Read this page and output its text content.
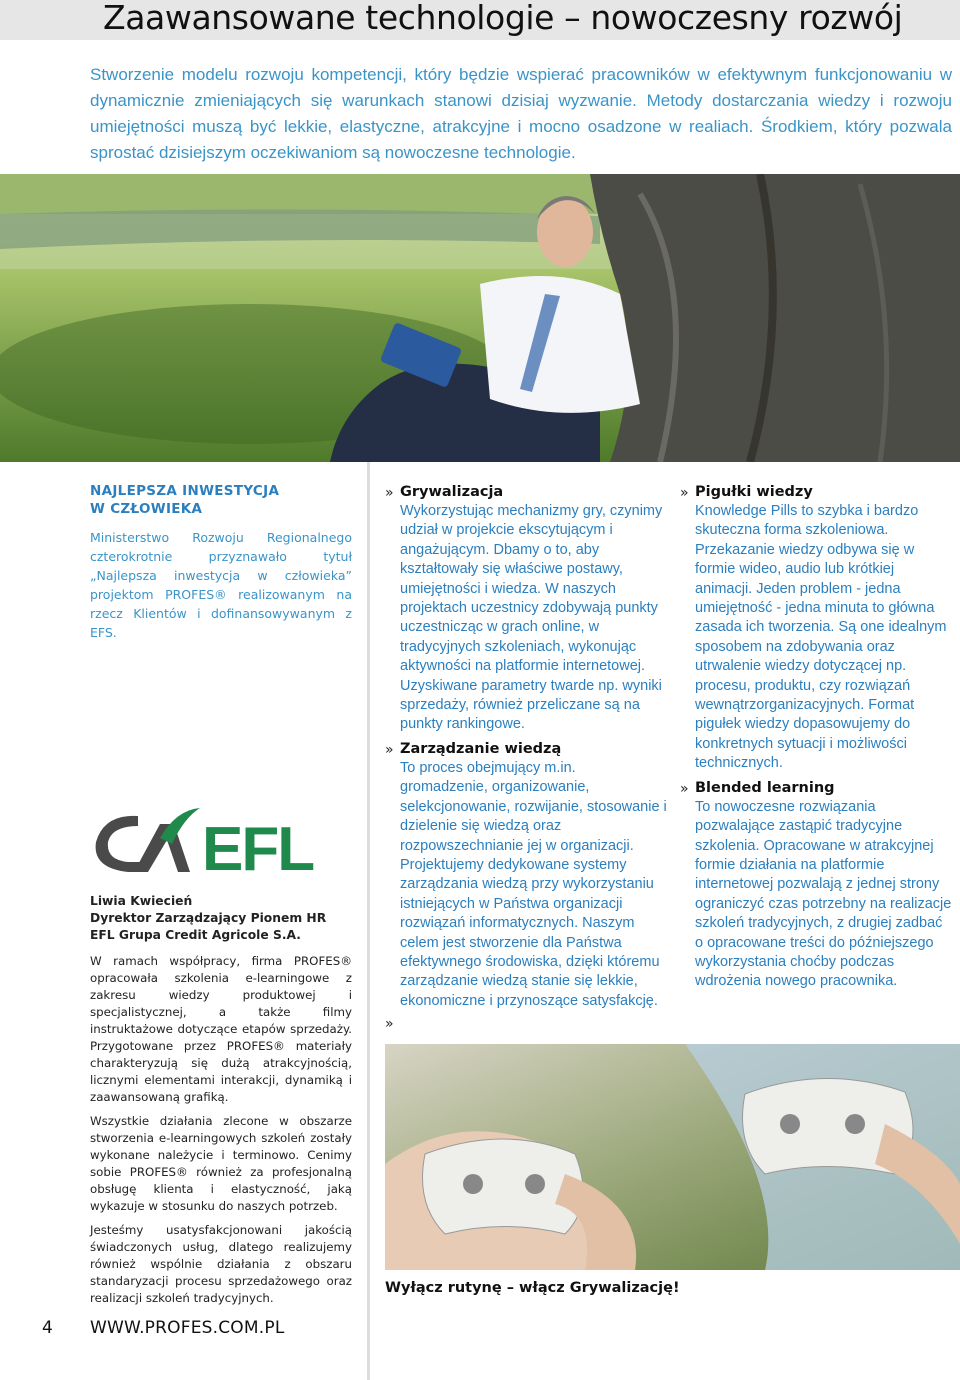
Zaawansowane technologie – nowoczesny rozwój

Stworzenie modelu rozwoju kompetencji, który będzie wspierać pracowników w efektywnym funkcjonowaniu w dynamicznie zmieniających się warunkach stanowi dzisiaj wyzwanie. Metody dostarczania wiedzy i rozwoju umiejętności muszą być lekkie, elastyczne, atrakcyjne i mocno osadzone w realiach. Środkiem, który pozwala sprostać dzisiejszym oczekiwaniom są nowoczesne technologie.

NAJLEPSZA INWESTYCJA
W CZŁOWIEKA

Ministerstwo Rozwoju Regionalnego czterokrotnie przyznawało tytuł „Najlepsza inwestycja w człowieka” projektom PROFES® realizowanym na rzecz Klientów i dofinansowywanym z EFS.

EFL
Liwia Kwiecień
Dyrektor Zarządzający Pionem HR
EFL Grupa Credit Agricole S.A.

W ramach współpracy, firma PROFES® opracowała szkolenia e-learningowe z zakresu wiedzy produktowej i specjalistycznej, a także filmy instruktażowe dotyczące etapów sprzedaży. Przygotowane przez PROFES® materiały charakteryzują się dużą atrakcyjnością, licznymi elementami interakcji, dynamiką i zaawansowaną grafiką.

Wszystkie działania zlecone w obszarze stworzenia e-learningowych szkoleń zostały wykonane należycie i terminowo. Cenimy sobie PROFES® również za profesjonalną obsługę klienta i elastyczność, jaką wykazuje w stosunku do naszych potrzeb.

Jesteśmy usatysfakcjonowani jakością świadczonych usług, dlatego realizujemy również wspólnie działania z obszaru standaryzacji procesu sprzedażowego oraz realizacji szkoleń tradycyjnych.

» Grywalizacja

Wykorzystując mechanizmy gry, czynimy udział w projekcie ekscytującym i angażującym. Dbamy o to, aby kształtowały się właściwe postawy, umiejętności i wiedza. W naszych projektach uczestnicy zdobywają punkty uczestnicząc w grach online, w tradycyjnych szkoleniach, wykonując aktywności na platformie internetowej. Uzyskiwane parametry twarde np. wyniki sprzedaży, również przeliczane są na punkty rankingowe.

» Zarządzanie wiedzą

To proces obejmujący m.in. gromadzenie, organizowanie, selekcjonowanie, rozwijanie, stosowanie i dzielenie się wiedzą oraz rozpowszechnianie jej w organizacji. Projektujemy dedykowane systemy zarządzania wiedzą przy wykorzystaniu istniejących w Państwa organizacji rozwiązań informatycznych. Naszym celem jest stworzenie dla Państwa efektywnego środowiska, dzięki któremu zarządzanie wiedzą stanie się lekkie, ekonomiczne i przynoszące satysfakcję.

»
» Pigułki wiedzy

Knowledge Pills to szybka i bardzo skuteczna forma szkoleniowa. Przekazanie wiedzy odbywa się w formie wideo, audio lub krótkiej animacji. Jeden problem - jedna umiejętność - jedna minuta to główna zasada ich tworzenia. Są one idealnym sposobem na zdobywania oraz utrwalenie wiedzy dotyczącej np. procesu, produktu, czy rozwiązań wewnątrzorganizacyjnych. Format pigułek wiedzy dopasowujemy do konkretnych sytuacji i możliwości technicznych.

» Blended learning

To nowoczesne rozwiązania pozwalające zastąpić tradycyjne szkolenia. Opracowane w atrakcyjnej formie działania na platformie internetowej pozwalają z jednej strony ograniczyć czas potrzebny na realizacje szkoleń tradycyjnych, z drugiej zadbać o opracowane treści do późniejszego wykorzystania choćby podczas wdrożenia nowego pracownika.

Wyłącz rutynę – włącz Grywalizację!
4 WWW.PROFES.COM.PL
